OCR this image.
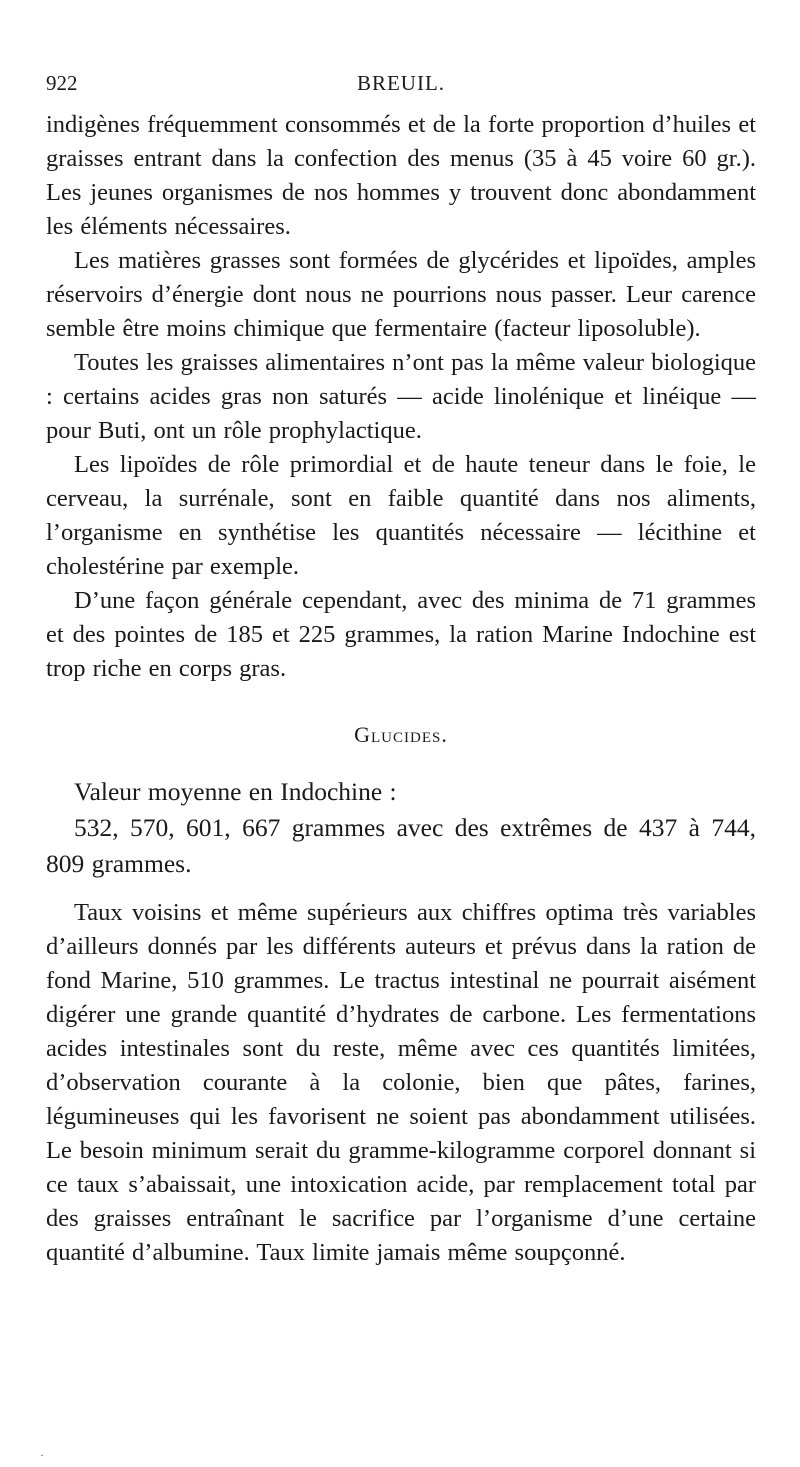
922	BREUIL.

indigènes fréquemment consommés et de la forte proportion d’huiles et graisses entrant dans la confection des menus (35 à 45 voire 60 gr.). Les jeunes organismes de nos hommes y trouvent donc abondamment les éléments nécessaires.

Les matières grasses sont formées de glycérides et lipoïdes, amples réservoirs d’énergie dont nous ne pourrions nous passer. Leur carence semble être moins chimique que fermentaire (facteur liposoluble).

Toutes les graisses alimentaires n’ont pas la même valeur biologique : certains acides gras non saturés — acide linolénique et linéique — pour Buti, ont un rôle prophylactique.

Les lipoïdes de rôle primordial et de haute teneur dans le foie, le cerveau, la surrénale, sont en faible quantité dans nos aliments, l’organisme en synthétise les quantités nécessaire — lécithine et cholestérine par exemple.

D’une façon générale cependant, avec des minima de 71 grammes et des pointes de 185 et 225 grammes, la ration Marine Indochine est trop riche en corps gras.

Glucides.

Valeur moyenne en Indochine :

532, 570, 601, 667 grammes avec des extrêmes de 437 à 744, 809 grammes.

Taux voisins et même supérieurs aux chiffres optima très variables d’ailleurs donnés par les différents auteurs et prévus dans la ration de fond Marine, 510 grammes. Le tractus intestinal ne pourrait aisément digérer une grande quantité d’hydrates de carbone. Les fermentations acides intestinales sont du reste, même avec ces quantités limitées, d’observation courante à la colonie, bien que pâtes, farines, légumineuses qui les favorisent ne soient pas abondamment utilisées. Le besoin minimum serait du gramme-kilogramme corporel donnant si ce taux s’abaissait, une intoxication acide, par remplacement total par des graisses entraînant le sacrifice par l’organisme d’une certaine quantité d’albumine. Taux limite jamais même soupçonné.

·
